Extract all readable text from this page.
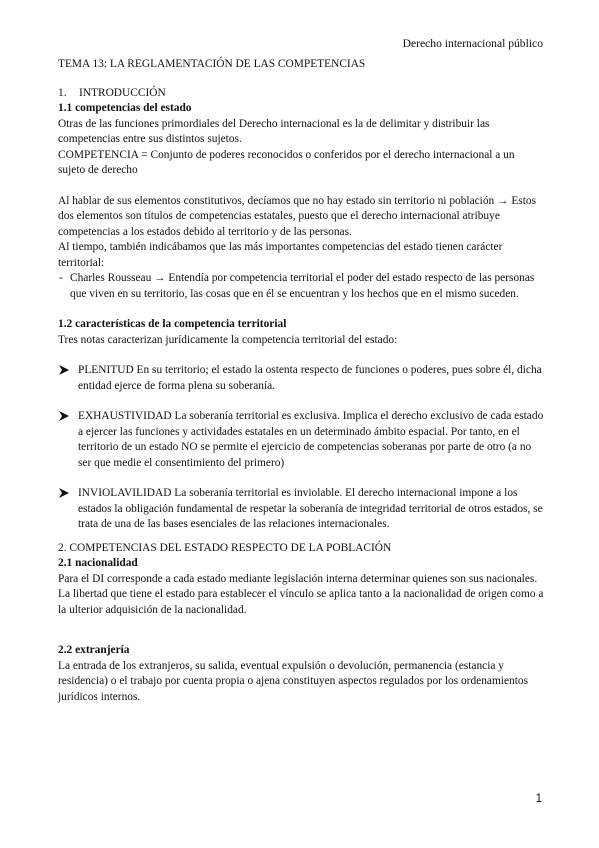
Derecho internacional público

TEMA 13: LA REGLAMENTACIÓN DE LAS COMPETENCIAS

1. INTRODUCCIÓN

1.1 competencias del estado

Otras de las funciones primordiales del Derecho internacional es la de delimitar y distribuir las competencias entre sus distintos sujetos.

COMPETENCIA = Conjunto de poderes reconocidos o conferidos por el derecho internacional a un sujeto de derecho

Al hablar de sus elementos constitutivos, decíamos que no hay estado sin territorio ni población → Estos dos elementos son títulos de competencias estatales, puesto que el derecho internacional atribuye competencias a los estados debido al territorio y de las personas.

Al tiempo, también indicábamos que las más importantes competencias del estado tienen carácter territorial:

- Charles Rousseau → Entendía por competencia territorial el poder del estado respecto de las personas que viven en su territorio, las cosas que en él se encuentran y los hechos que en el mismo suceden.

1.2 características de la competencia territorial

Tres notas caracterizan jurídicamente la competencia territorial del estado:

PLENITUD En su territorio; el estado la ostenta respecto de funciones o poderes, pues sobre él, dicha entidad ejerce de forma plena su soberanía.
EXHAUSTIVIDAD La soberanía territorial es exclusiva. Implica el derecho exclusivo de cada estado a ejercer las funciones y actividades estatales en un determinado ámbito espacial. Por tanto, en el territorio de un estado NO se permite el ejercicio de competencias soberanas por parte de otro (a no ser que medie el consentimiento del primero)
INVIOLAVILIDAD La soberanía territorial es inviolable. El derecho internacional impone a los estados la obligación fundamental de respetar la soberanía de integridad territorial de otros estados, se trata de una de las bases esenciales de las relaciones internacionales.

2. COMPETENCIAS DEL ESTADO RESPECTO DE LA POBLACIÓN

2.1 nacionalidad

Para el DI corresponde a cada estado mediante legislación interna determinar quienes son sus nacionales. La libertad que tiene el estado para establecer el vínculo se aplica tanto a la nacionalidad de origen como a la ulterior adquisición de la nacionalidad.

2.2 extranjería

La entrada de los extranjeros, su salida, eventual expulsión o devolución, permanencia (estancia y residencia) o el trabajo por cuenta propia o ajena constituyen aspectos regulados por los ordenamientos jurídicos internos.

1
